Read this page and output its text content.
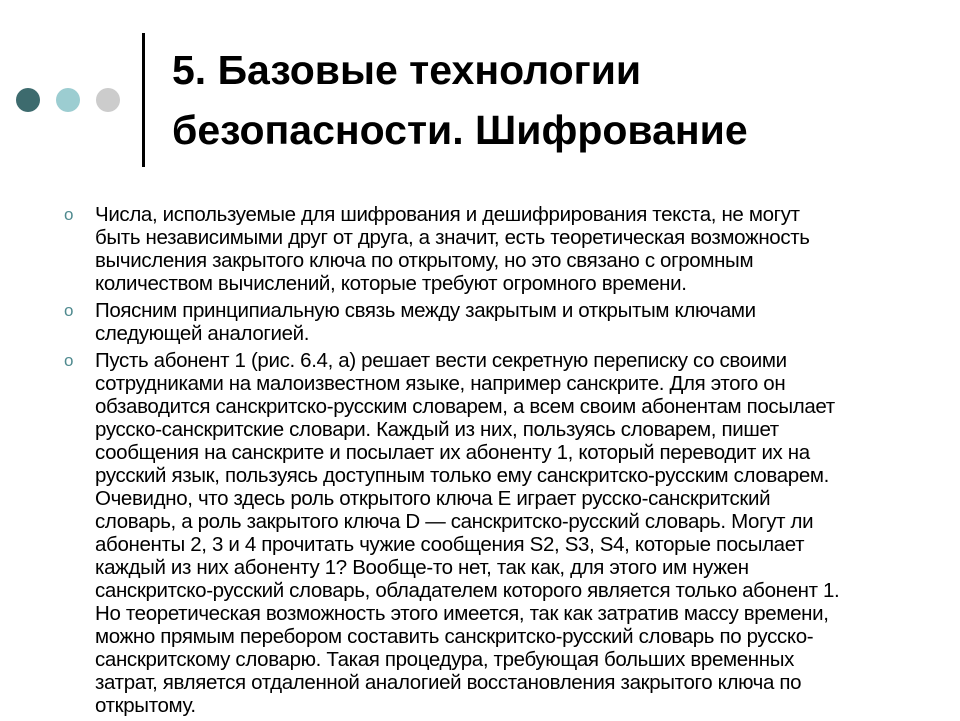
5. Базовые технологии
безопасности. Шифрование
o Числа, используемые для шифрования и дешифрирования текста, не могут
быть независимыми друг от друга, а значит, есть теоретическая возможность
вычисления закрытого ключа по открытому, но это связано с огромным
количеством вычислений, которые требуют огромного времени.
o Поясним принципиальную связь между закрытым и открытым ключами
следующей аналогией.
o Пусть абонент 1 (рис. 6.4, а) решает вести секретную переписку со своими
сотрудниками на малоизвестном языке, например санскрите. Для этого он
обзаводится санскритско-русским словарем, а всем своим абонентам посылает
русско-санскритские словари. Каждый из них, пользуясь словарем, пишет
сообщения на санскрите и посылает их абоненту 1, который переводит их на
русский язык, пользуясь доступным только ему санскритско-русским словарем.
Очевидно, что здесь роль открытого ключа E играет русско-санскритский
словарь, а роль закрытого ключа D — санскритско-русский словарь. Могут ли
абоненты 2, 3 и 4 прочитать чужие сообщения S2, S3, S4, которые посылает
каждый из них абоненту 1? Вообще-то нет, так как, для этого им нужен
санскритско-русский словарь, обладателем которого является только абонент 1.
Но теоретическая возможность этого имеется, так как затратив массу времени,
можно прямым перебором составить санскритско-русский словарь по русско-
санскритскому словарю. Такая процедура, требующая больших временных
затрат, является отдаленной аналогией восстановления закрытого ключа по
открытому.
